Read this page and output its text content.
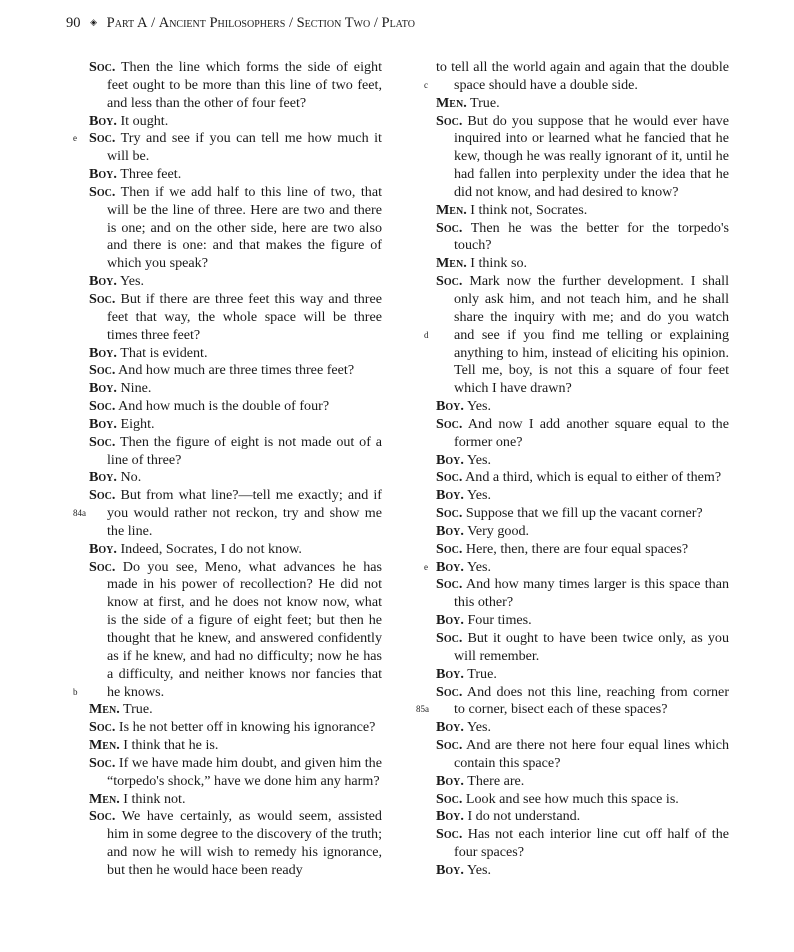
90 ◈ Part A / Ancient Philosophers / Section Two / Plato
Soc. Then the line which forms the side of eight feet ought to be more than this line of two feet, and less than the other of four feet?
Boy. It ought.
e Soc. Try and see if you can tell me how much it will be.
Boy. Three feet.
Soc. Then if we add half to this line of two, that will be the line of three. Here are two and there is one; and on the other side, here are two also and there is one: and that makes the figure of which you speak?
Boy. Yes.
Soc. But if there are three feet this way and three feet that way, the whole space will be three times three feet?
Boy. That is evident.
Soc. And how much are three times three feet?
Boy. Nine.
Soc. And how much is the double of four?
Boy. Eight.
Soc. Then the figure of eight is not made out of a line of three?
Boy. No.
84a
Soc. But from what line?—tell me exactly; and if you would rather not reckon, try and show me the line.
Boy. Indeed, Socrates, I do not know.
b
Soc. Do you see, Meno, what advances he has made in his power of recollection? He did not know at first, and he does not know now, what is the side of a figure of eight feet; but then he thought that he knew, and answered confidently as if he knew, and had no difficulty; now he has a difficulty, and neither knows nor fancies that he knows.
Men. True.
Soc. Is he not better off in knowing his ignorance?
Men. I think that he is.
Soc. If we have made him doubt, and given him the “torpedo's shock,” have we done him any harm?
Men. I think not.
Soc. We have certainly, as would seem, assisted him in some degree to the discovery of the truth; and now he will wish to remedy his ignorance, but then he would hace been ready
c
to tell all the world again and again that the double space should have a double side.
Men. True.
Soc. But do you suppose that he would ever have inquired into or learned what he fancied that he kew, though he was really ignorant of it, until he had fallen into perplexity under the idea that he did not know, and had desired to know?
Men. I think not, Socrates.
Soc. Then he was the better for the torpedo's touch?
Men. I think so.
d
Soc. Mark now the further development. I shall only ask him, and not teach him, and he shall share the inquiry with me; and do you watch and see if you find me telling or explaining anything to him, instead of eliciting his opinion. Tell me, boy, is not this a square of four feet which I have drawn?
Boy. Yes.
Soc. And now I add another square equal to the former one?
Boy. Yes.
Soc. And a third, which is equal to either of them?
Boy. Yes.
Soc. Suppose that we fill up the vacant corner?
Boy. Very good.
Soc. Here, then, there are four equal spaces?
e Boy. Yes.
Soc. And how many times larger is this space than this other?
Boy. Four times.
Soc. But it ought to have been twice only, as you will remember.
Boy. True.
85a
Soc. And does not this line, reaching from corner to corner, bisect each of these spaces?
Boy. Yes.
Soc. And are there not here four equal lines which contain this space?
Boy. There are.
Soc. Look and see how much this space is.
Boy. I do not understand.
Soc. Has not each interior line cut off half of the four spaces?
Boy. Yes.
